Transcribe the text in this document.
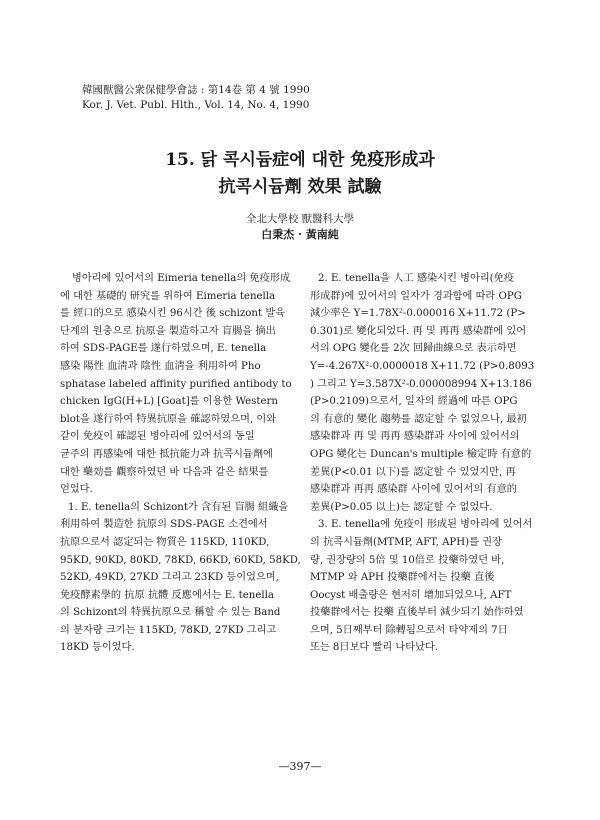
韓國獸醫公衆保健學會誌 : 第14卷 第 4 號 1990
Kor. J. Vet. Publ. Hlth., Vol. 14, No. 4, 1990
15. 닭 콕시듐症에 대한 免疫形成과
抗콕시듐劑 效果 試驗
全北大學校 獸醫科大學
白秉杰 · 黃南純
병아리에 있어서의 Eimeria tenella의 免疫形成
에 대한 基礎的 研究를 위하여 Eimeria tenella
를 經口的으로 感染시킨 96시간 後 schizont 발육
단계의 원충으로 抗原을 製造하고자 盲腸을 摘出
하여 SDS-PAGE를 遂行하였으며, E. tenella
感染 陽性 血淸과 陰性 血淸을 利用하여 Pho
sphatase labeled affinity purified antibody to
chicken IgG(H+L) [Goat]를 이용한 Western
blot을 遂行하여 特異抗原을 確認하였으며, 이와
같이 免疫이 確認된 병아리에 있어서의 동일
균주의 再感染에 대한 抵抗能力과 抗콕시듐劑에
대한 藥効를 觀察하였던 바 다음과 같은 結果를
얻었다.
1. E. tenella의 Schizont가 含有된 盲腸 組織을
利用하여 製造한 抗原의 SDS-PAGE 소견에서
抗原으로서 認定되는 物質은 115KD, 110KD,
95KD, 90KD, 80KD, 78KD, 66KD, 60KD, 58KD,
52KD, 49KD, 27KD 그리고 23KD 등이었으며,
免疫酵素學的 抗原 抗體 反應에서는 E. tenella
의 Schizont의 特異抗原으로 稱할 수 있는 Band
의 분자량 크기는 115KD, 78KD, 27KD 그리고
18KD 등이었다.
2. E. tenella을 人工 感染시킨 병아리(免疫
形成群)에 있어서의 일자가 경과함에 따라 OPG
減少率은 Y=1.78X²-0.000016 X+11.72 (P>
0.301)로 變化되었다. 再 및 再再 感染群에 있어
서의 OPG 變化를 2次 回歸曲線으로 表示하면
Y=-4.267X²-0.0000018 X+11.72 (P>0.8093
) 그리고 Y=3.587X²-0.000008994 X+13.186
(P>0.2109)으로서, 일자의 經過에 따른 OPG
의 有意的 變化 趨勢를 認定할 수 없었으나, 最初
感染群과 再 및 再再 感染群과 사이에 있어서의
OPG 變化는 Duncan's multiple 檢定時 有意的
差異(P<0.01 以下)를 認定할 수 있었지만, 再
感染群과 再再 感染群 사이에 있어서의 有意的
差異(P>0.05 以上)는 認定할 수 없었다.
3. E. tenella에 免疫이 形成된 병아리에 있어서
의 抗콕시듐劑(MTMP, AFT, APH)를 권장
량, 권장량의 5倍 및 10倍로 投藥하였던 바,
MTMP 와 APH 投藥群에서는 投藥 直後
Oocyst 배출량은 현저히 增加되었으나, AFT
投藥群에서는 投藥 直後부터 減少되기 始作하였
으며, 5日째부터 除轉됨으로서 타약제의 7日
또는 8日보다 빨리 나타났다.
—397—
